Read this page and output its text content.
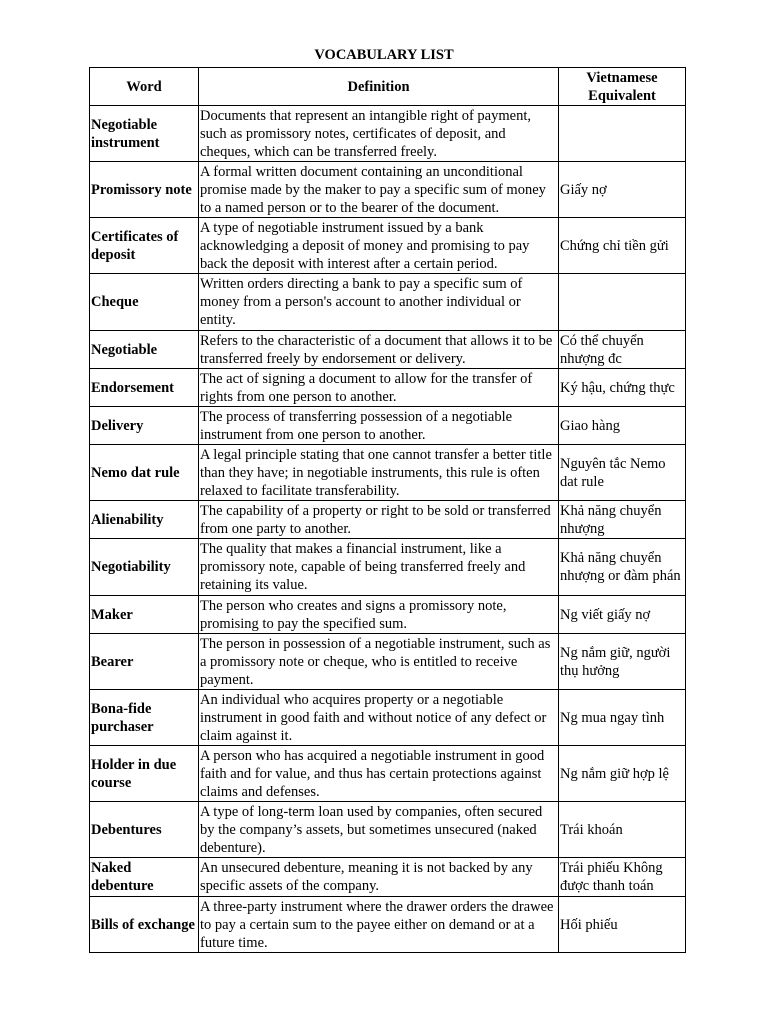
VOCABULARY LIST
Word	Definition	Vietnamese Equivalent
Negotiable instrument	Documents that represent an intangible right of payment, such as promissory notes, certificates of deposit, and cheques, which can be transferred freely.	
Promissory note	A formal written document containing an unconditional promise made by the maker to pay a specific sum of money to a named person or to the bearer of the document.	Giấy nợ
Certificates of deposit	A type of negotiable instrument issued by a bank acknowledging a deposit of money and promising to pay back the deposit with interest after a certain period.	Chứng chỉ tiền gửi
Cheque	Written orders directing a bank to pay a specific sum of money from a person's account to another individual or entity.	
Negotiable	Refers to the characteristic of a document that allows it to be transferred freely by endorsement or delivery.	Có thể chuyển nhượng đc
Endorsement	The act of signing a document to allow for the transfer of rights from one person to another.	Ký hậu, chứng thực
Delivery	The process of transferring possession of a negotiable instrument from one person to another.	Giao hàng
Nemo dat rule	A legal principle stating that one cannot transfer a better title than they have; in negotiable instruments, this rule is often relaxed to facilitate transferability.	Nguyên tắc Nemo dat rule
Alienability	The capability of a property or right to be sold or transferred from one party to another.	Khả năng chuyển nhượng
Negotiability	The quality that makes a financial instrument, like a promissory note, capable of being transferred freely and retaining its value.	Khả năng chuyển nhượng or đàm phán
Maker	The person who creates and signs a promissory note, promising to pay the specified sum.	Ng viết giấy nợ
Bearer	The person in possession of a negotiable instrument, such as a promissory note or cheque, who is entitled to receive payment.	Ng nắm giữ, người thụ hưởng
Bona-fide purchaser	An individual who acquires property or a negotiable instrument in good faith and without notice of any defect or claim against it.	Ng mua ngay tình
Holder in due course	A person who has acquired a negotiable instrument in good faith and for value, and thus has certain protections against claims and defenses.	Ng nắm giữ hợp lệ
Debentures	A type of long-term loan used by companies, often secured by the company’s assets, but sometimes unsecured (naked debenture).	Trái khoán
Naked debenture	An unsecured debenture, meaning it is not backed by any specific assets of the company.	Trái phiếu Không được thanh toán
Bills of exchange	A three-party instrument where the drawer orders the drawee to pay a certain sum to the payee either on demand or at a future time.	Hối phiếu
